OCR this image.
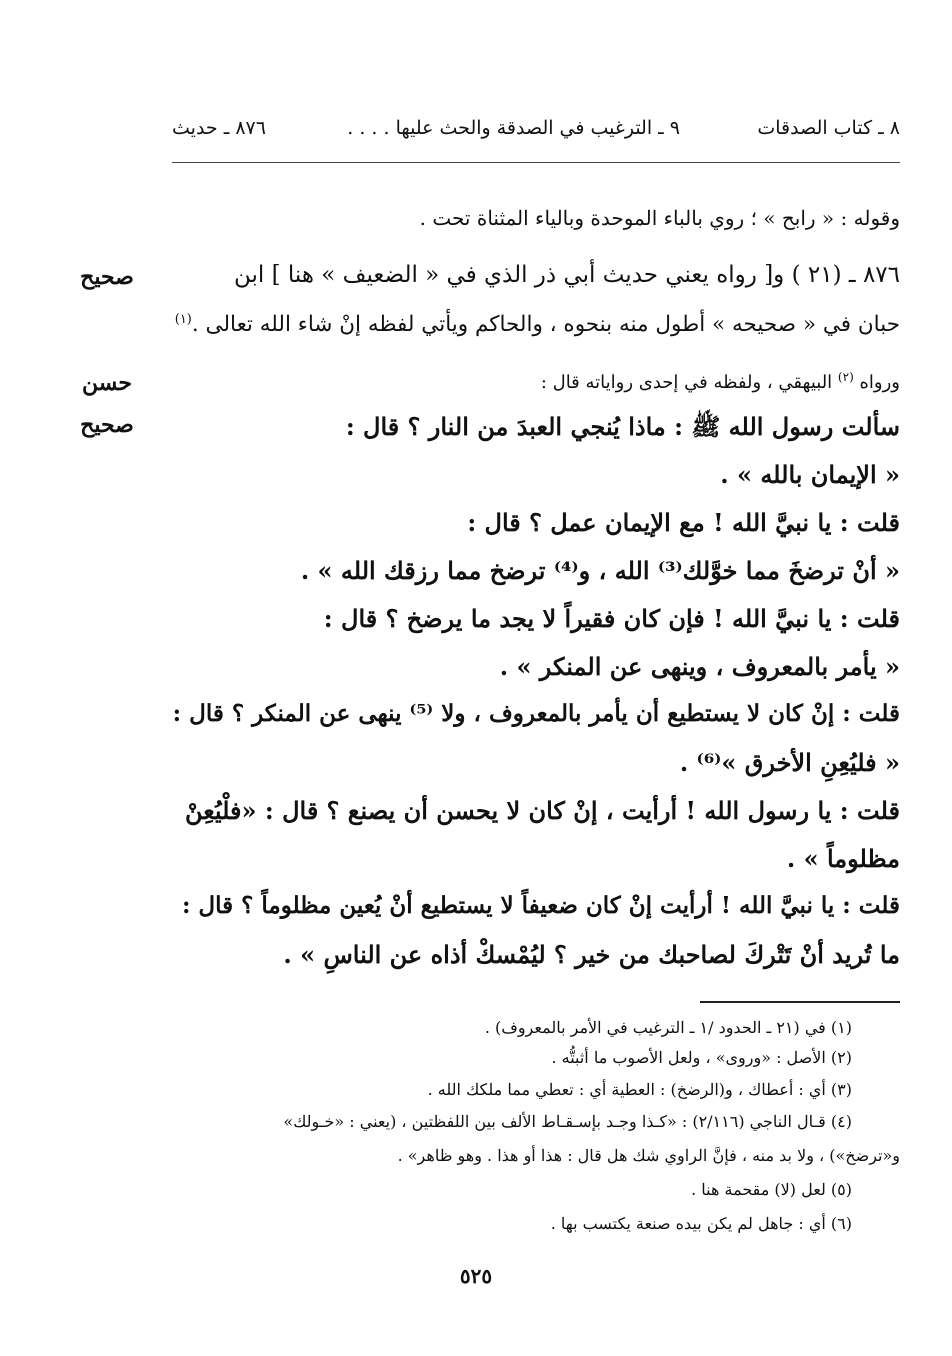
٨ ـ كتاب الصدقات
٩ ـ الترغيب في الصدقة والحث عليها . . . .
٨٧٦ ـ حديث
وقوله : « رابح » ؛ روي بالباء الموحدة وبالياء المثناة تحت .
٨٧٦ ـ (٢١ ) و[ رواه يعني حديث أبي ذر الذي في « الضعيف » هنا ] ابن
حبان في « صحيحه » أطول منه بنحوه ، والحاكم ويأتي لفظه إنْ شاء الله تعالى .$^{(١)}$
ورواه $^{(٢)}$ البيهقي ، ولفظه في إحدى رواياته قال :
صحيح
حسن
صحيح	سألت رسول الله ﷺ : ماذا يُنجي العبدَ من النار ؟ قال :
« الإيمان بالله » .
قلت : يا نبيَّ الله ! مع الإيمان عمل ؟ قال :
« أنْ ترضخَ مما خوَّلك⁽³⁾ الله ، و⁽⁴⁾ ترضخ مما رزقك الله » .
قلت : يا نبيَّ الله ! فإن كان فقيراً لا يجد ما يرضخ ؟ قال :
« يأمر بالمعروف ، وينهى عن المنكر » .
قلت : إنْ كان لا يستطيع أن يأمر بالمعروف ، ولا ⁽⁵⁾ ينهى عن المنكر ؟ قال :
« فليُعِنِ الأخرق »⁽⁶⁾ .
قلت : يا رسول الله ! أرأيت ، إنْ كان لا يحسن أن يصنع ؟ قال : «فلْيُعِنْ
مظلوماً » .
قلت : يا نبيَّ الله ! أرأيت إنْ كان ضعيفاً لا يستطيع أنْ يُعين مظلوماً ؟ قال :
ما تُريد أنْ تَتْركَ لصاحبك من خير ؟ ليُمْسكْ أذاه عن الناسِ » .
(١) في (٢١ ـ الحدود /١ ـ الترغيب في الأمر بالمعروف) .
(٢) الأصل : «وروى» ، ولعل الأصوب ما أثبتُّه .
(٣) أي : أعطاك ، و(الرضخ) : العطية أي : تعطي مما ملكك الله .
(٤) قـال الناجي (٢/١١٦) : «كـذا وجـد بإسـقـاط الألف بين اللفظتين ، (يعني : «خـولك»
و«ترضخ») ، ولا بد منه ، فإنَّ الراوي شك هل قال : هذا أو هذا . وهو ظاهر» .
(٥) لعل (لا) مقحمة هنا .
(٦) أي : جاهل لم يكن بيده صنعة يكتسب بها .
٥٢٥
